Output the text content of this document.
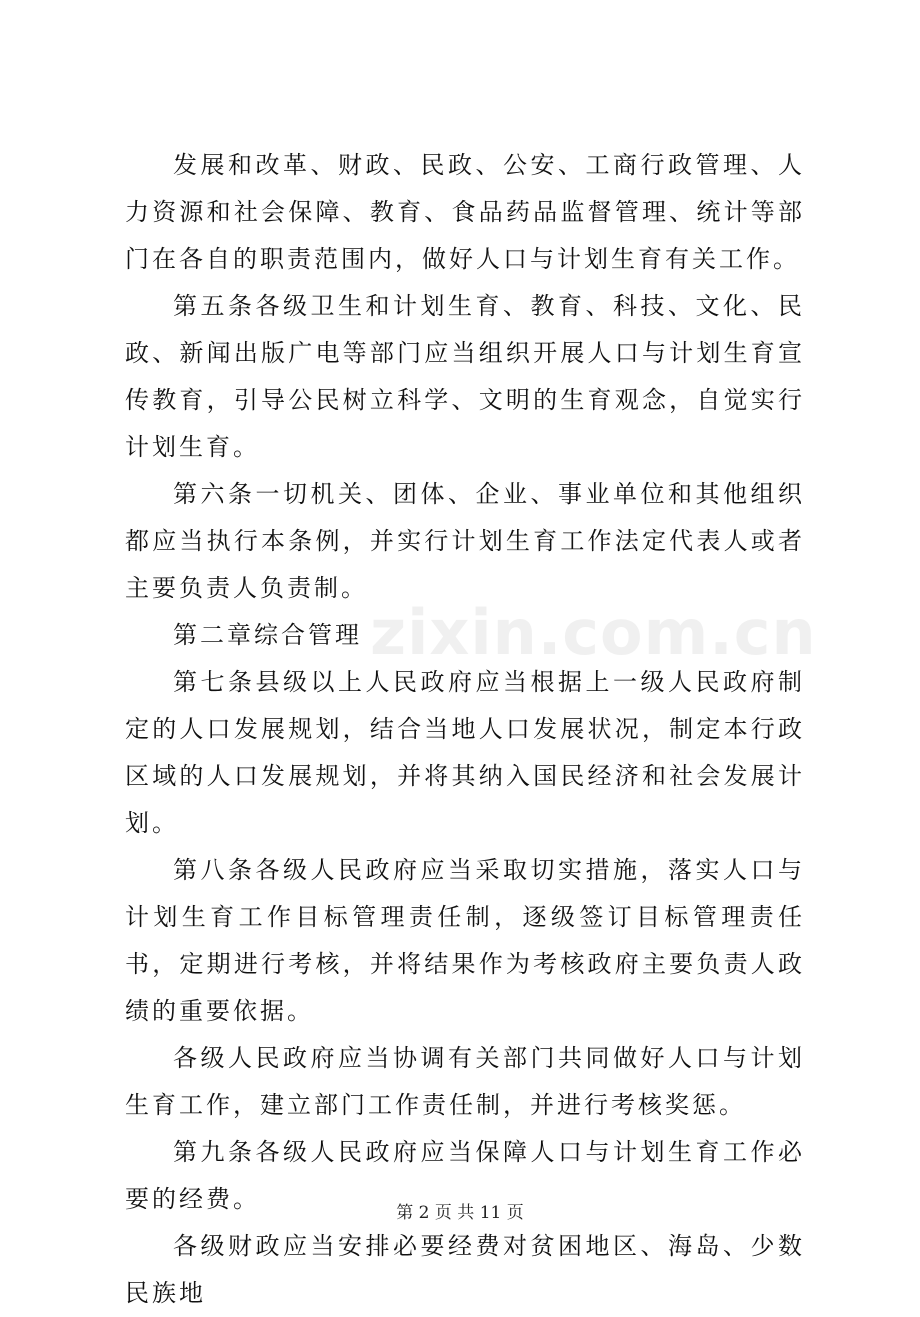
zixin.com.cn

发展和改革、财政、民政、公安、工商行政管理、人力资源和社会保障、教育、食品药品监督管理、统计等部门在各自的职责范围内，做好人口与计划生育有关工作。

第五条各级卫生和计划生育、教育、科技、文化、民政、新闻出版广电等部门应当组织开展人口与计划生育宣传教育，引导公民树立科学、文明的生育观念，自觉实行计划生育。

第六条一切机关、团体、企业、事业单位和其他组织都应当执行本条例，并实行计划生育工作法定代表人或者主要负责人负责制。

第二章综合管理

第七条县级以上人民政府应当根据上一级人民政府制定的人口发展规划，结合当地人口发展状况，制定本行政区域的人口发展规划，并将其纳入国民经济和社会发展计划。

第八条各级人民政府应当采取切实措施，落实人口与计划生育工作目标管理责任制，逐级签订目标管理责任书，定期进行考核，并将结果作为考核政府主要负责人政绩的重要依据。

各级人民政府应当协调有关部门共同做好人口与计划生育工作，建立部门工作责任制，并进行考核奖惩。

第九条各级人民政府应当保障人口与计划生育工作必要的经费。

各级财政应当安排必要经费对贫困地区、海岛、少数民族地

第 2 页 共 11 页
